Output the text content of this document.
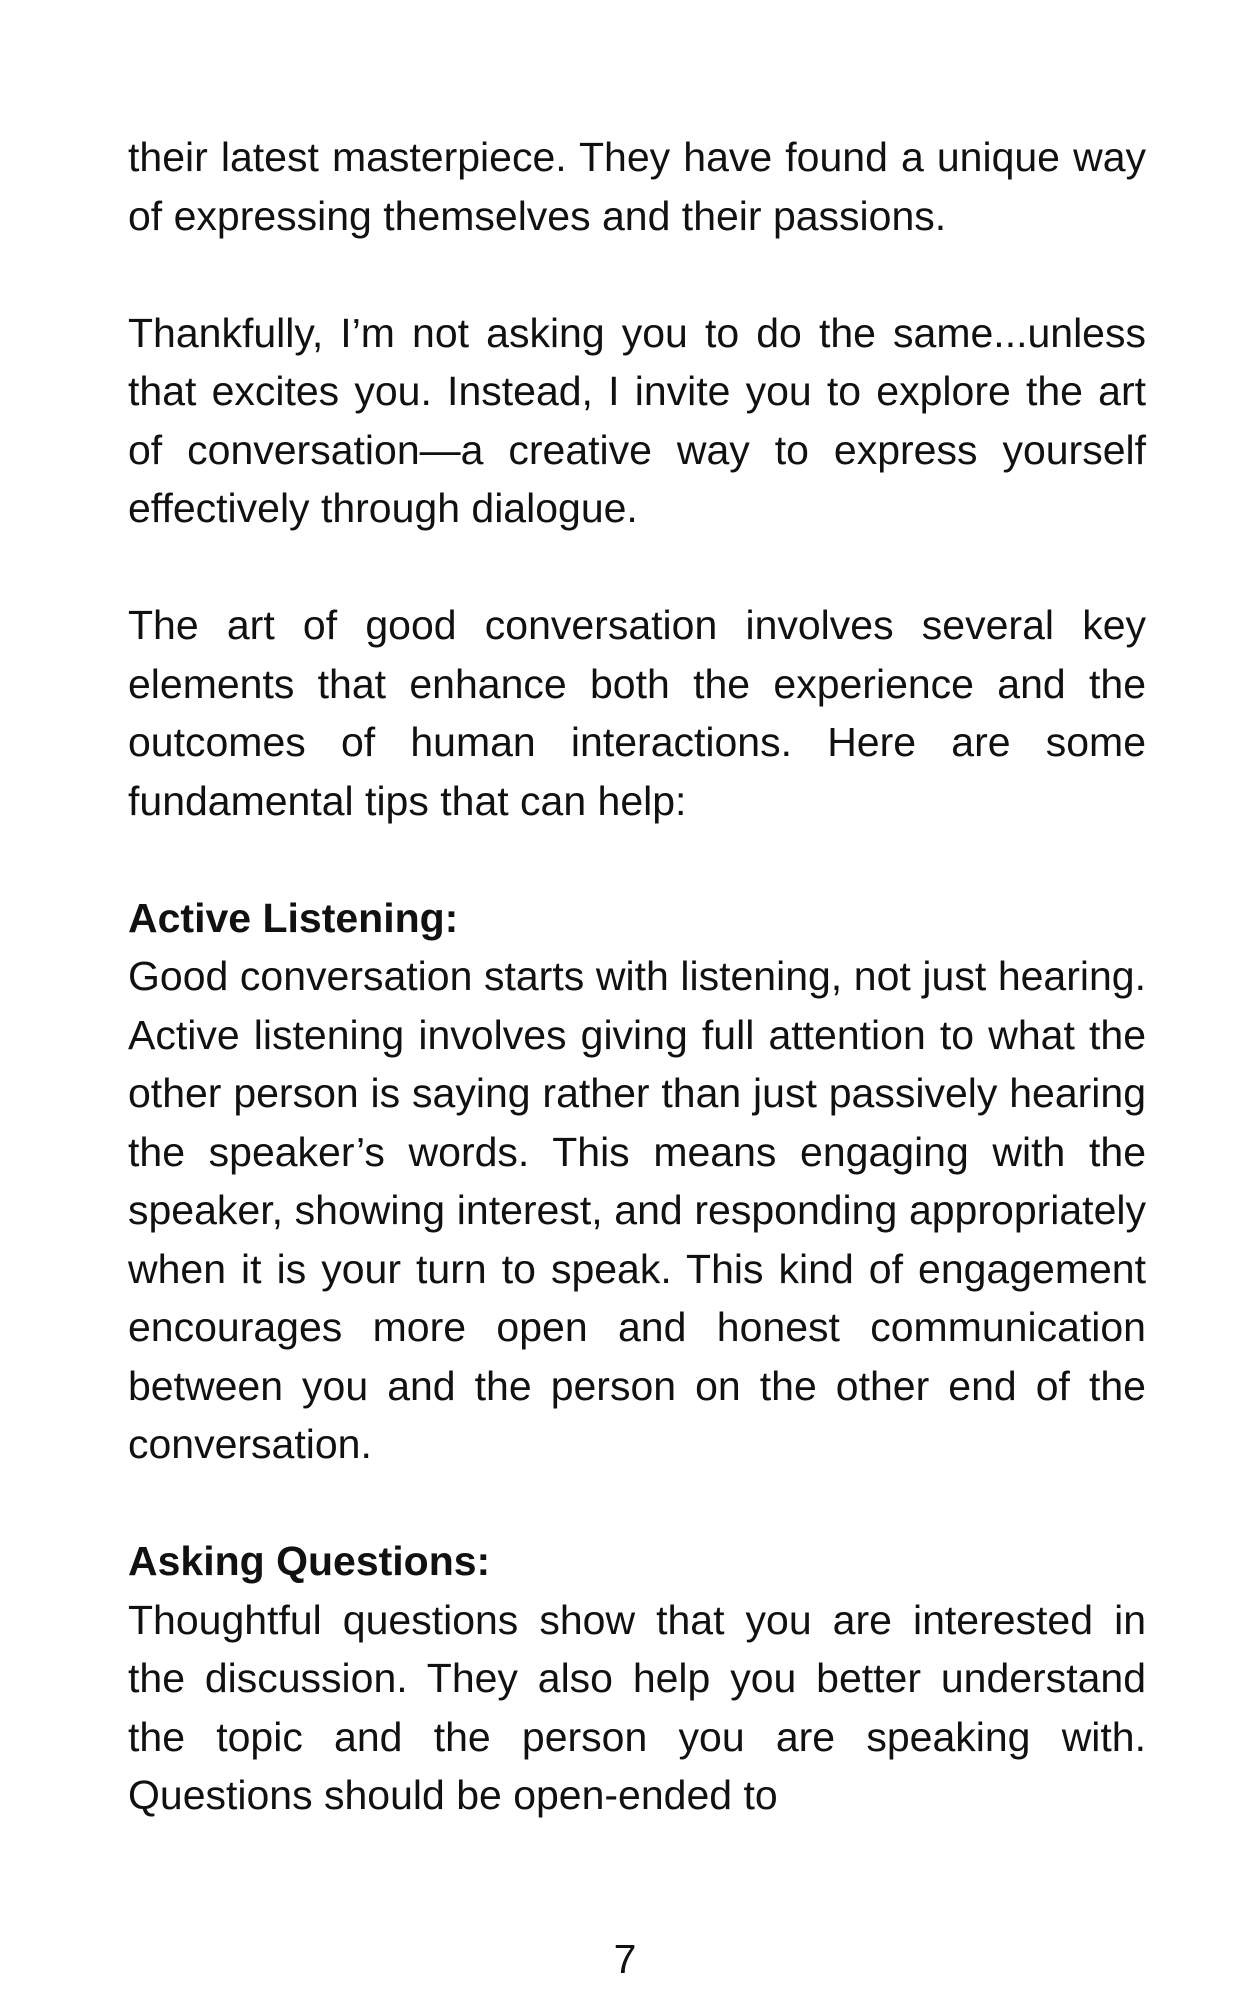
their latest masterpiece. They have found a unique way of expressing themselves and their passions.

Thankfully, I’m not asking you to do the same...unless that excites you. Instead, I invite you to explore the art of conversation—a creative way to express yourself effectively through dialogue.

The art of good conversation involves several key elements that enhance both the experience and the outcomes of human interactions. Here are some fundamental tips that can help:

Active Listening:

Good conversation starts with listening, not just hearing. Active listening involves giving full attention to what the other person is saying rather than just passively hearing the speaker’s words. This means engaging with the speaker, showing interest, and responding appropriately when it is your turn to speak. This kind of engagement encourages more open and honest communication between you and the person on the other end of the conversation.

Asking Questions:

Thoughtful questions show that you are interested in the discussion. They also help you better understand the topic and the person you are speaking with. Questions should be open-ended to

7
